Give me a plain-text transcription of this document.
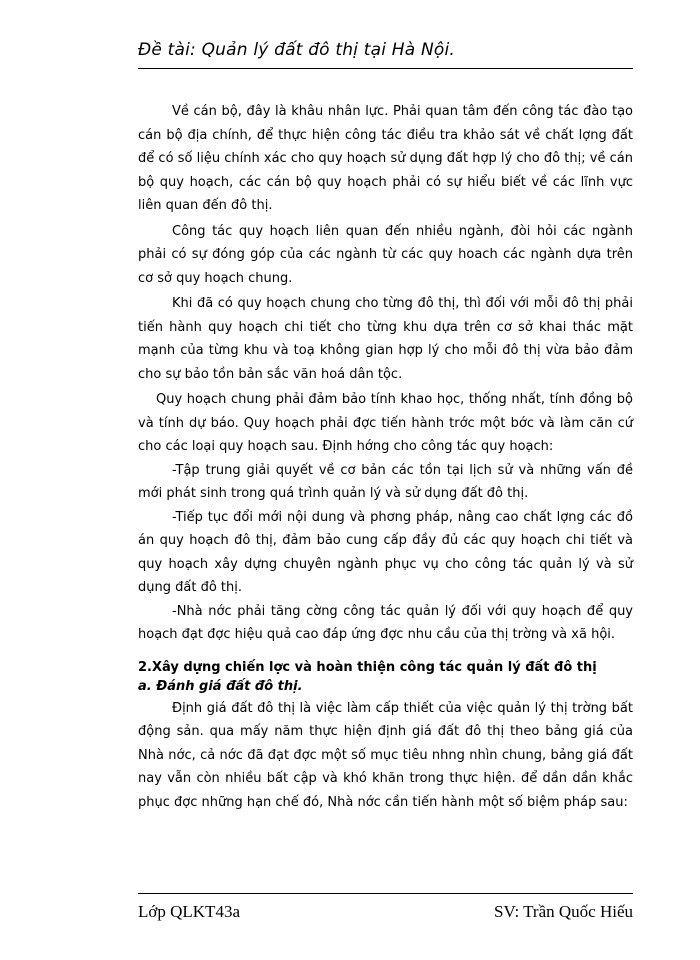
Đề tài: Quản lý đất đô thị tại Hà Nội.

Về cán bộ, đây là khâu nhân lực. Phải quan tâm đến công tác đào tạo cán bộ địa chính, để thực hiện công tác điều tra khảo sát về chất lợng đất để có số liệu chính xác cho quy hoạch sử dụng đất hợp lý cho đô thị; về cán bộ quy hoạch, các cán bộ quy hoạch phải có sự hiểu biết về các lĩnh vực liên quan đến đô thị.

Công tác quy hoạch liên quan đến nhiều ngành, đòi hỏi các ngành phải có sự đóng góp của các ngành từ các quy hoach các ngành dựa trên cơ sở quy hoạch chung.

Khi đã có quy hoạch chung cho từng đô thị, thì đối với mỗi đô thị phải tiến hành quy hoạch chi tiết cho từng khu dựa trên cơ sở khai thác mặt mạnh của từng khu và toạ không gian hợp lý cho mỗi đô thị vừa bảo đảm cho sự bảo tồn bản sắc văn hoá dân tộc.

Quy hoạch chung phải đảm bảo tính khao học, thống nhất, tính đồng bộ và tính dự báo. Quy hoạch phải đợc tiến hành trớc một bớc và làm căn cứ cho các loại quy hoạch sau. Định hớng cho công tác quy hoạch:

-Tập trung giải quyết về cơ bản các tồn tại lịch sử và những vấn đề mới phát sinh trong quá trình quản lý và sử dụng đất đô thị.

-Tiếp tục đổi mới nội dung và phơng pháp, nâng cao chất lợng các đồ án quy hoạch đô thị, đảm bảo cung cấp đầy đủ các quy hoạch chi tiết và quy hoạch xây dựng chuyên ngành phục vụ cho công tác quản lý và sử dụng đất đô thị.

-Nhà nớc phải tăng cờng công tác quản lý đối với quy hoạch để quy hoạch đạt đợc hiệu quả cao đáp ứng đợc nhu cầu của thị trờng và xã hội.

2.Xây dựng chiến lợc và hoàn thiện công tác quản lý đất đô thị

a. Đánh giá đất đô thị.

Định giá đất đô thị là việc làm cấp thiết của việc quản lý thị trờng bất động sản. qua mấy năm thực hiện định giá đất đô thị theo bảng giá của Nhà nớc, cả nớc đã đạt đợc một số mục tiêu nhng nhìn chung, bảng giá đất nay vẫn còn nhiều bất cập và khó khăn trong thực hiện. để dần dần khắc phục đợc những hạn chế đó, Nhà nớc cần tiến hành một số biệm pháp sau:

Lớp QLKT43a	SV: Trần Quốc Hiếu
